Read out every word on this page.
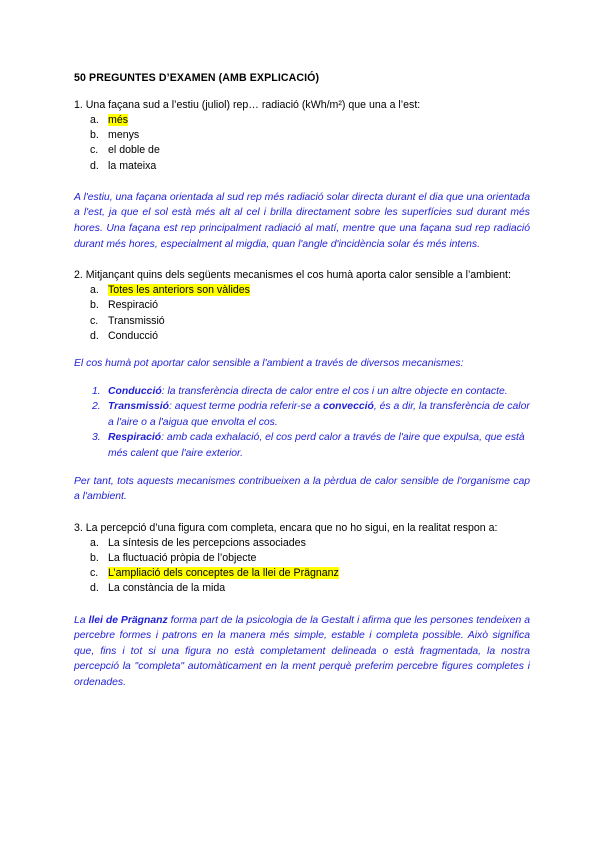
50 PREGUNTES D’EXAMEN (AMB EXPLICACIÓ)

1. Una façana sud a l’estiu (juliol) rep… radiació (kWh/m²) que una a l’est:

a. més
b. menys
c. el doble de
d. la mateixa

A l'estiu, una façana orientada al sud rep més radiació solar directa durant el dia que una orientada a l'est, ja que el sol està més alt al cel i brilla directament sobre les superfícies sud durant més hores. Una façana est rep principalment radiació al matí, mentre que una façana sud rep radiació durant més hores, especialment al migdia, quan l'angle d'incidència solar és més intens.

2. Mitjançant quins dels següents mecanismes el cos humà aporta calor sensible a l’ambient:

a. Totes les anteriors son vàlides
b. Respiració
c. Transmissió
d. Conducció

El cos humà pot aportar calor sensible a l'ambient a través de diversos mecanismes:

1. Conducció: la transferència directa de calor entre el cos i un altre objecte en contacte.
2. Transmissió: aquest terme podria referir-se a convecció, és a dir, la transferència de calor a l'aire o a l'aigua que envolta el cos.
3. Respiració: amb cada exhalació, el cos perd calor a través de l'aire que expulsa, que està més calent que l'aire exterior.

Per tant, tots aquests mecanismes contribueixen a la pèrdua de calor sensible de l'organisme cap a l'ambient.

3. La percepció d’una figura com completa, encara que no ho sigui, en la realitat respon a:

a. La síntesis de les percepcions associades
b. La fluctuació pròpia de l’objecte
c. L’ampliació dels conceptes de la llei de Prägnanz
d. La constància de la mida

La llei de Prägnanz forma part de la psicologia de la Gestalt i afirma que les persones tendeixen a percebre formes i patrons en la manera més simple, estable i completa possible. Això significa que, fins i tot si una figura no està completament delineada o està fragmentada, la nostra percepció la "completa" automàticament en la ment perquè preferim percebre figures completes i ordenades.
